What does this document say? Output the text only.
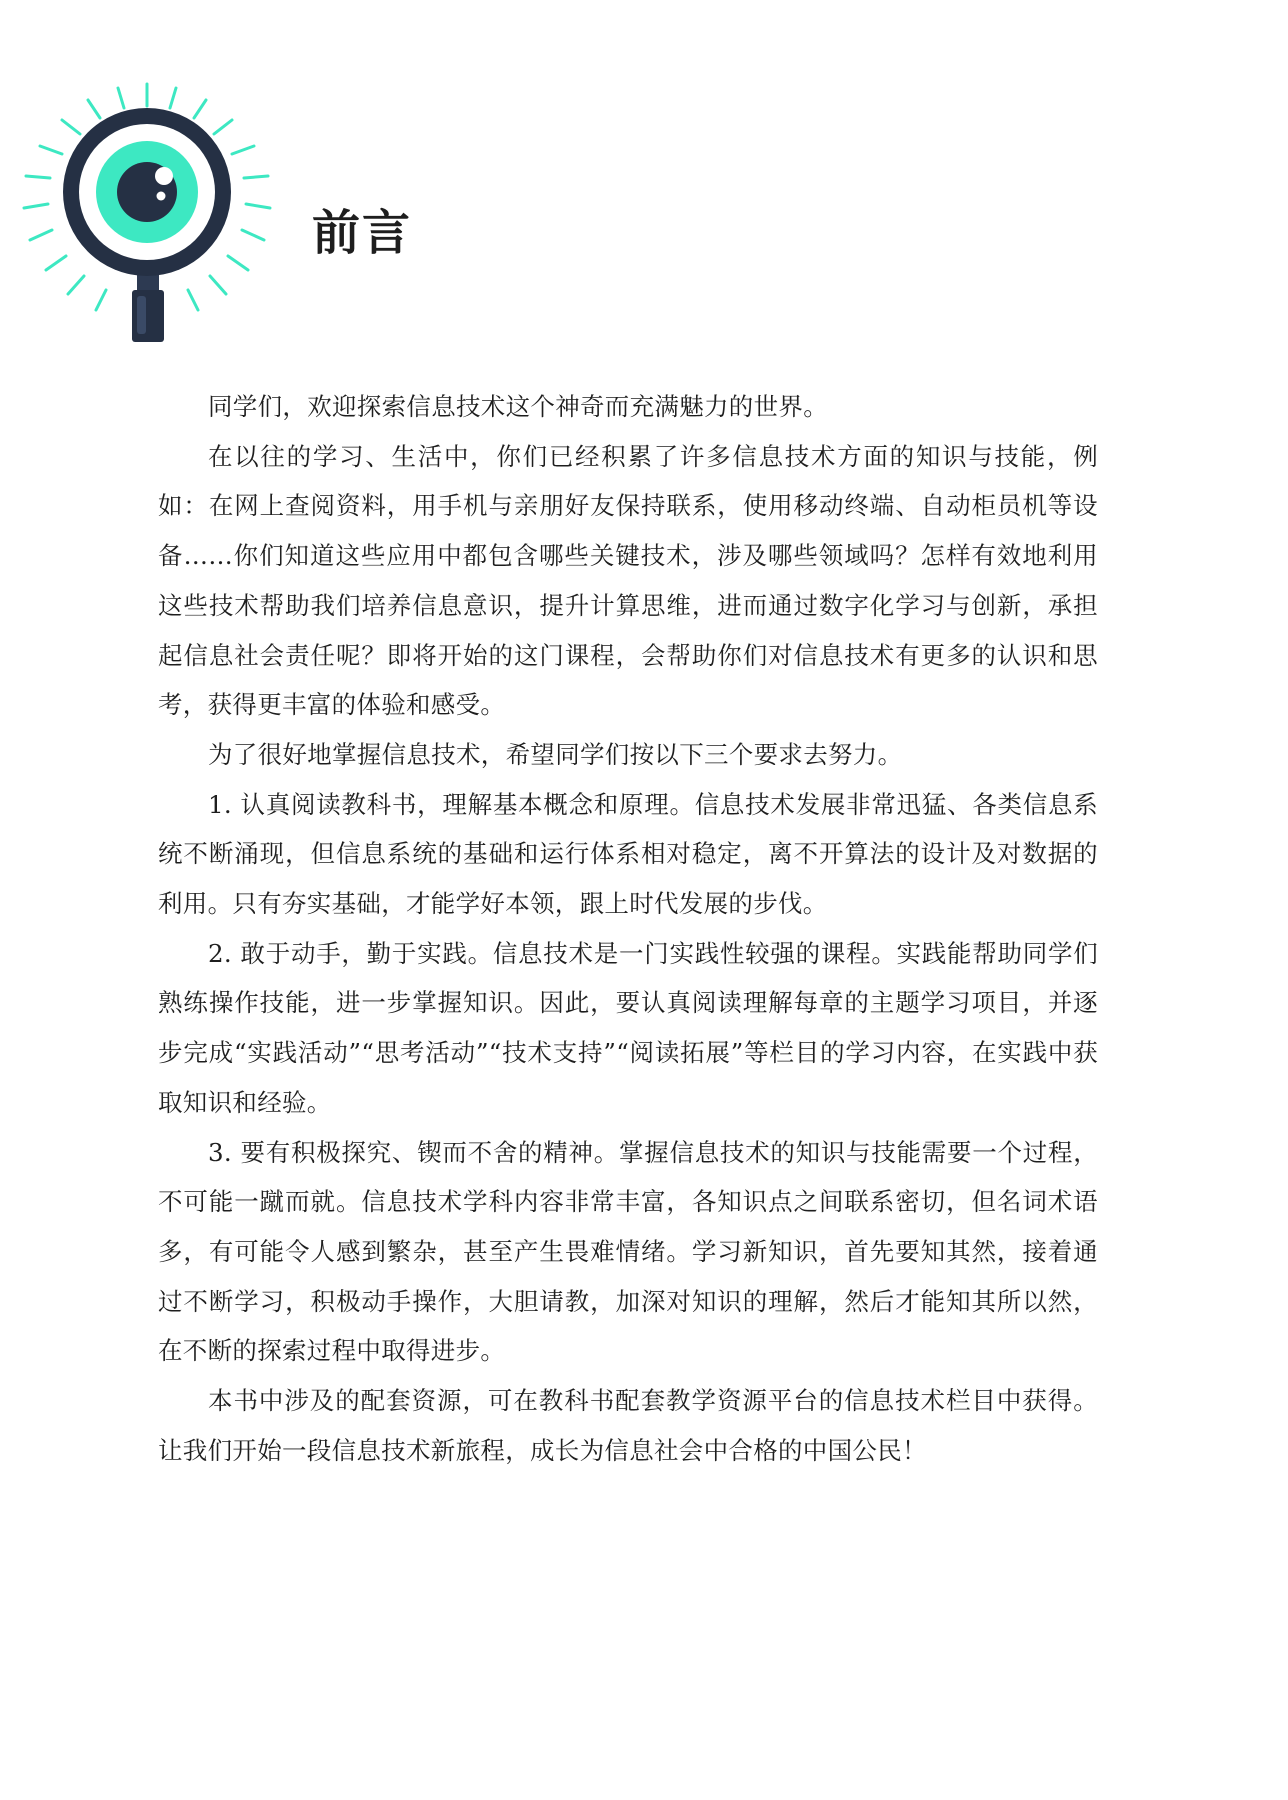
前言

同学们，欢迎探索信息技术这个神奇而充满魅力的世界。

在以往的学习、生活中，你们已经积累了许多信息技术方面的知识与技能，例如：在网上查阅资料，用手机与亲朋好友保持联系，使用移动终端、自动柜员机等设备……你们知道这些应用中都包含哪些关键技术，涉及哪些领域吗？怎样有效地利用这些技术帮助我们培养信息意识，提升计算思维，进而通过数字化学习与创新，承担起信息社会责任呢？即将开始的这门课程，会帮助你们对信息技术有更多的认识和思考，获得更丰富的体验和感受。

为了很好地掌握信息技术，希望同学们按以下三个要求去努力。

1. 认真阅读教科书，理解基本概念和原理。信息技术发展非常迅猛、各类信息系统不断涌现，但信息系统的基础和运行体系相对稳定，离不开算法的设计及对数据的利用。只有夯实基础，才能学好本领，跟上时代发展的步伐。

2. 敢于动手，勤于实践。信息技术是一门实践性较强的课程。实践能帮助同学们熟练操作技能，进一步掌握知识。因此，要认真阅读理解每章的主题学习项目，并逐步完成“实践活动”“思考活动”“技术支持”“阅读拓展”等栏目的学习内容，在实践中获取知识和经验。

3. 要有积极探究、锲而不舍的精神。掌握信息技术的知识与技能需要一个过程，不可能一蹴而就。信息技术学科内容非常丰富，各知识点之间联系密切，但名词术语多，有可能令人感到繁杂，甚至产生畏难情绪。学习新知识，首先要知其然，接着通过不断学习，积极动手操作，大胆请教，加深对知识的理解，然后才能知其所以然，在不断的探索过程中取得进步。

本书中涉及的配套资源，可在教科书配套教学资源平台的信息技术栏目中获得。让我们开始一段信息技术新旅程，成长为信息社会中合格的中国公民！
